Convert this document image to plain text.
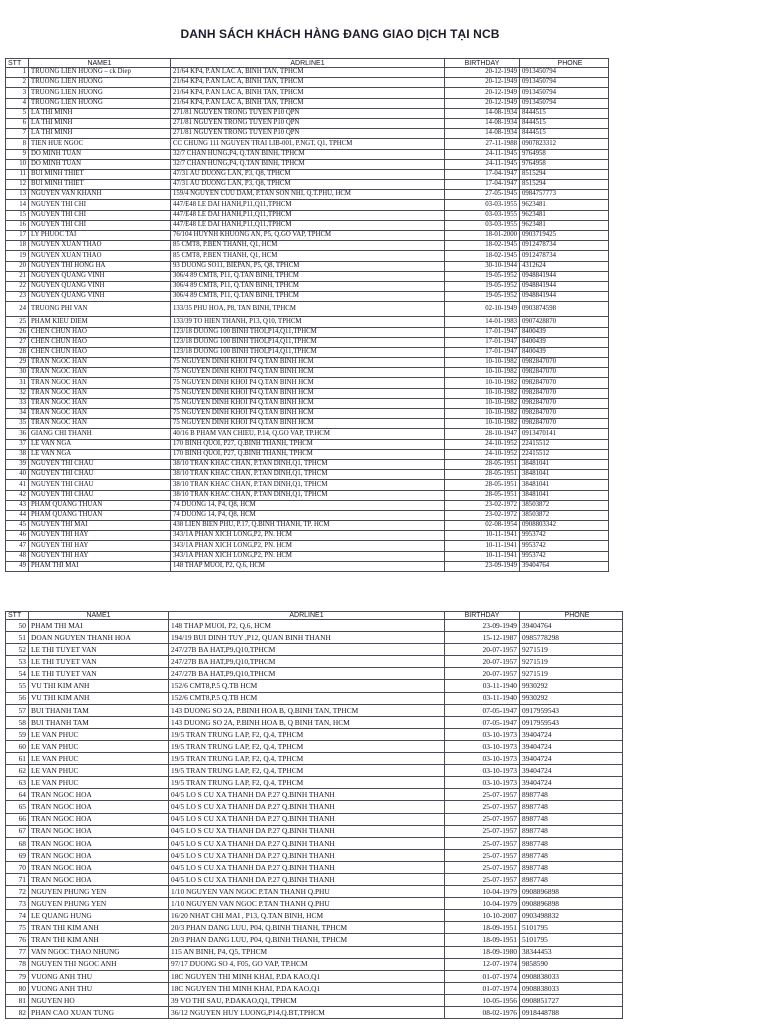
DANH SÁCH KHÁCH HÀNG ĐANG GIAO DỊCH TẠI NCB
STT	NAME1	ADRLINE1	BIRTHDAY	PHONE
1	TRUONG LIEN HUONG – ck Diep	21/64 KP4, P.AN LAC A, BINH TAN, TPHCM	20-12-1949	0913450794
2	TRUONG LIEN HUONG	21/64 KP4, P.AN LAC A, BINH TAN, TPHCM	20-12-1949	0913450794
3	TRUONG LIEN HUONG	21/64 KP4, P.AN LAC A, BINH TAN, TPHCM	20-12-1949	0913450794
4	TRUONG LIEN HUONG	21/64 KP4, P.AN LAC A, BINH TAN, TPHCM	20-12-1949	0913450794
5	LA THI MINH	271/81 NGUYEN TRONG TUYEN P10 QPN	14-08-1934	8444515
6	LA THI MINH	271/81 NGUYEN TRONG TUYEN P10 QPN	14-08-1934	8444515
7	LA THI MINH	271/81 NGUYEN TRONG TUYEN P10 QPN	14-08-1934	8444515
8	TIEN HUE NGOC	CC CHUNG 111 NGUYEN TRAI LIB-001, P.NGT, Q1, TPHCM	27-11-1988	0907823312
9	DO MINH TUAN	32/7 CHAN HUNG,P4, Q.TAN BINH, TPHCM	24-11-1945	9764958
10	DO MINH TUAN	32/7 CHAN HUNG,P4, Q.TAN BINH, TPHCM	24-11-1945	9764958
11	BUI MINH THIET	47/31 AU DUONG LAN, P3, Q8, TPHCM	17-04-1947	8515294
12	BUI MINH THIET	47/31 AU DUONG LAN, P3, Q8, TPHCM	17-04-1947	8515294
13	NGUYEN VAN KHANH	159/4 NGUYEN CUU DAM, P.TAN SON NHI, Q.T.PHU, HCM	27-05-1945	0984757773
14	NGUYEN THI CHI	447/E48 LE DAI HANH,P11,Q11,TPHCM	03-03-1955	9623481
15	NGUYEN THI CHI	447/E48 LE DAI HANH,P11,Q11,TPHCM	03-03-1955	9623481
16	NGUYEN THI CHI	447/E48 LE DAI HANH,P11,Q11,TPHCM	03-03-1955	9623481
17	LY PHUOC TAI	76/104 HUYNH KHUONG AN, P5, Q.GO VAP, TPHCM	18-01-2000	0903719425
18	NGUYEN XUAN THAO	85 CMT8, P.BEN THANH, Q1, HCM	18-02-1945	0912478734
19	NGUYEN XUAN THAO	85 CMT8, P.BEN THANH, Q1, HCM	18-02-1945	0912478734
20	NGUYEN THI HONG HA	93 DUONG SO11, BIEPAN, P5, Q8, TPHCM	30-10-1944	4312624
21	NGUYEN QUANG VINH	306/4 89 CMT8, P11, Q.TAN BINH, TPHCM	19-05-1952	0948841944
22	NGUYEN QUANG VINH	306/4 89 CMT8, P11, Q.TAN BINH, TPHCM	19-05-1952	0948841944
23	NGUYEN QUANG VINH	306/4 89 CMT8, P11, Q.TAN BINH, TPHCM	19-05-1952	0948841944
24	TRUONG PHI VAN	133/35 PHU HOA, P8, TAN BINH, TPHCM	02-10-1949	0903874598
25	PHAM KIEU DIEM	133/39 TO HIEN THANH, P13, Q10, TPHCM	14-01-1983	0907428870
26	CHEN CHUN HAO	123/18 DUONG 100 BINH THOI,P14,Q11,TPHCM	17-01-1947	8400439
27	CHEN CHUN HAO	123/18 DUONG 100 BINH THOI,P14,Q11,TPHCM	17-01-1947	8400439
28	CHEN CHUN HAO	123/18 DUONG 100 BINH THOI,P14,Q11,TPHCM	17-01-1947	8400439
29	TRAN NGOC HAN	75 NGUYEN DINH KHOI P4 Q.TAN BINH HCM	10-10-1982	0982847070
30	TRAN NGOC HAN	75 NGUYEN DINH KHOI P4 Q.TAN BINH HCM	10-10-1982	0982847070
31	TRAN NGOC HAN	75 NGUYEN DINH KHOI P4 Q.TAN BINH HCM	10-10-1982	0982847070
32	TRAN NGOC HAN	75 NGUYEN DINH KHOI P4 Q.TAN BINH HCM	10-10-1982	0982847070
33	TRAN NGOC HAN	75 NGUYEN DINH KHOI P4 Q.TAN BINH HCM	10-10-1982	0982847070
34	TRAN NGOC HAN	75 NGUYEN DINH KHOI P4 Q.TAN BINH HCM	10-10-1982	0982847070
35	TRAN NGOC HAN	75 NGUYEN DINH KHOI P4 Q.TAN BINH HCM	10-10-1982	0982847070
36	GIANG CHI THANH	40/16 B PHAM VAN CHIEU, P.14, Q.GO VAP, TP.HCM	28-10-1947	0913470141
37	LE VAN NGA	170 BINH QUOI, P27, Q.BINH THANH, TPHCM	24-10-1952	22415512
38	LE VAN NGA	170 BINH QUOI, P27, Q.BINH THANH, TPHCM	24-10-1952	22415512
39	NGUYEN THI CHAU	38/10 TRAN KHAC CHAN, P.TAN DINH,Q1, TPHCM	28-05-1951	38481041
40	NGUYEN THI CHAU	38/10 TRAN KHAC CHAN, P.TAN DINH,Q1, TPHCM	28-05-1951	38481041
41	NGUYEN THI CHAU	38/10 TRAN KHAC CHAN, P.TAN DINH,Q1, TPHCM	28-05-1951	38481041
42	NGUYEN THI CHAU	38/10 TRAN KHAC CHAN, P.TAN DINH,Q1, TPHCM	28-05-1951	38481041
43	PHAM QUANG THUAN	74 DUONG 14, P4, Q8, HCM	23-02-1972	38503872
44	PHAM QUANG THUAN	74 DUONG 14, P4, Q8, HCM	23-02-1972	38503872
45	NGUYEN THI MAI	438 LIEN BIEN PHU, P.17, Q.BINH THANH, TP. HCM	02-08-1954	0908803342
46	NGUYEN THI HAY	343/1A PHAN XICH LONG,P2, PN. HCM	10-11-1941	9953742
47	NGUYEN THI HAY	343/1A PHAN XICH LONG,P2, PN. HCM	10-11-1941	9953742
48	NGUYEN THI HAY	343/1A PHAN XICH LONG,P2, PN. HCM	10-11-1941	9953742
49	PHAM THI MAI	148 THAP MUOI, P2, Q.6, HCM	23-09-1949	39404764
STT	NAME1	ADRLINE1	BIRTHDAY	PHONE
50	PHAM THI MAI	148 THAP MUOI, P2, Q.6, HCM	23-09-1949	39404764
51	DOAN NGUYEN THANH HOA	194/19 BUI DINH TUY ,P12, QUAN BINH THANH	15-12-1987	0985778298
52	LE THI TUYET VAN	247/27B BA HAT,P9,Q10,TPHCM	20-07-1957	9271519
53	LE THI TUYET VAN	247/27B BA HAT,P9,Q10,TPHCM	20-07-1957	9271519
54	LE THI TUYET VAN	247/27B BA HAT,P9,Q10,TPHCM	20-07-1957	9271519
55	VU THI KIM ANH	152/6 CMT8,P.5 Q.TB HCM	03-11-1940	9930292
56	VU THI KIM ANH	152/6 CMT8,P.5 Q.TB HCM	03-11-1940	9930292
57	BUI THANH TAM	143 DUONG SO 2A, P.BINH HOA B, Q.BINH TAN, TPHCM	07-05-1947	0917959543
58	BUI THANH TAM	143 DUONG SO 2A, P.BINH HOA B, Q BINH TAN, HCM	07-05-1947	0917959543
59	LE VAN PHUC	19/5 TRAN TRUNG LAP, F2, Q.4, TPHCM	03-10-1973	39404724
60	LE VAN PHUC	19/5 TRAN TRUNG LAP, F2, Q.4, TPHCM	03-10-1973	39404724
61	LE VAN PHUC	19/5 TRAN TRUNG LAP, F2, Q.4, TPHCM	03-10-1973	39404724
62	LE VAN PHUC	19/5 TRAN TRUNG LAP, F2, Q.4, TPHCM	03-10-1973	39404724
63	LE VAN PHUC	19/5 TRAN TRUNG LAP, F2, Q.4, TPHCM	03-10-1973	39404724
64	TRAN NGOC HOA	04/5 LO S CU XA THANH DA P.27 Q.BINH THANH	25-07-1957	8987748
65	TRAN NGOC HOA	04/5 LO S CU XA THANH DA P.27 Q.BINH THANH	25-07-1957	8987748
66	TRAN NGOC HOA	04/5 LO S CU XA THANH DA P.27 Q.BINH THANH	25-07-1957	8987748
67	TRAN NGOC HOA	04/5 LO S CU XA THANH DA P.27 Q.BINH THANH	25-07-1957	8987748
68	TRAN NGOC HOA	04/5 LO S CU XA THANH DA P.27 Q.BINH THANH	25-07-1957	8987748
69	TRAN NGOC HOA	04/5 LO S CU XA THANH DA P.27 Q.BINH THANH	25-07-1957	8987748
70	TRAN NGOC HOA	04/5 LO S CU XA THANH DA P.27 Q.BINH THANH	25-07-1957	8987748
71	TRAN NGOC HOA	04/5 LO S CU XA THANH DA P.27 Q.BINH THANH	25-07-1957	8987748
72	NGUYEN PHUNG YEN	1/10 NGUYEN VAN NGOC P.TAN THANH Q.PHU	10-04-1979	0908896898
73	NGUYEN PHUNG YEN	1/10 NGUYEN VAN NGOC P.TAN THANH Q.PHU	10-04-1979	0908896898
74	LE QUANG HUNG	16/20 NHAT CHI MAI , P13, Q.TAN BINH, HCM	10-10-2007	0903498832
75	TRAN THI KIM ANH	20/3 PHAN DANG LUU, P04, Q.BINH THANH, TPHCM	18-09-1951	5101795
76	TRAN THI KIM ANH	20/3 PHAN DANG LUU, P04, Q.BINH THANH, TPHCM	18-09-1951	5101795
77	VAN NGOC THAO NHUNG	115 AN BINH, P4, Q5, TPHCM	18-09-1980	38344453
78	NGUYEN THI NGOC ANH	97/17 DUONG SO 4, F05, GO VAP, TP.HCM	12-07-1974	9858590
79	VUONG ANH THU	18C NGUYEN THI MINH KHAI, P.DA KAO,Q1	01-07-1974	0908838033
80	VUONG ANH THU	18C NGUYEN THI MINH KHAI, P.DA KAO,Q1	01-07-1974	0908838033
81	NGUYEN HO	39 VO THI SAU, P.DAKAO,Q1, TPHCM	10-05-1956	0908851727
82	PHAN CAO XUAN TUNG	36/12 NGUYEN HUY LUONG,P14,Q.BT,TPHCM	08-02-1976	0918448788
